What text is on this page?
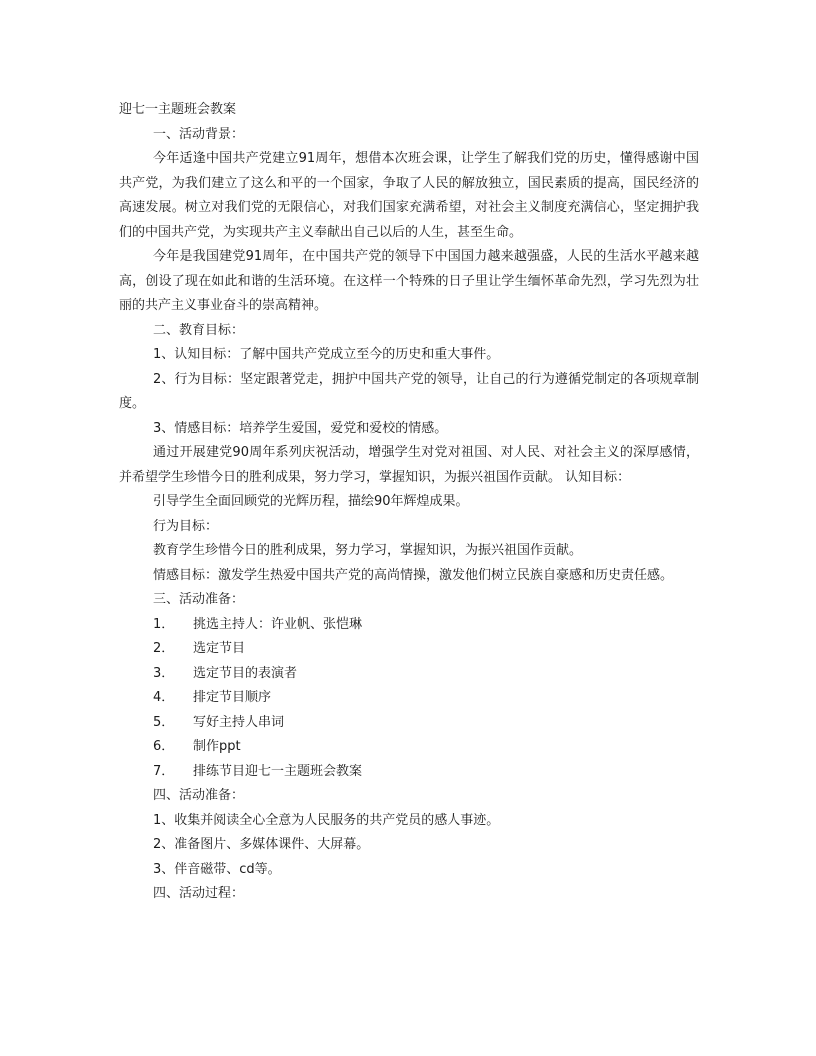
迎七一主题班会教案
一、活动背景：
今年适逢中国共产党建立91周年，想借本次班会课，让学生了解我们党的历史，懂得感谢中国共产党，为我们建立了这么和平的一个国家，争取了人民的解放独立，国民素质的提高，国民经济的高速发展。树立对我们党的无限信心，对我们国家充满希望，对社会主义制度充满信心，坚定拥护我们的中国共产党，为实现共产主义奉献出自己以后的人生，甚至生命。
今年是我国建党91周年，在中国共产党的领导下中国国力越来越强盛，人民的生活水平越来越高，创设了现在如此和谐的生活环境。在这样一个特殊的日子里让学生缅怀革命先烈，学习先烈为壮丽的共产主义事业奋斗的崇高精神。
二、教育目标：
1、认知目标：了解中国共产党成立至今的历史和重大事件。
2、行为目标：坚定跟著党走，拥护中国共产党的领导，让自己的行为遵循党制定的各项规章制度。
3、情感目标：培养学生爱国，爱党和爱校的情感。
通过开展建党90周年系列庆祝活动，增强学生对党对祖国、对人民、对社会主义的深厚感情，并希望学生珍惜今日的胜利成果，努力学习，掌握知识，为振兴祖国作贡献。 认知目标：
引导学生全面回顾党的光辉历程，描绘90年辉煌成果。
行为目标：
教育学生珍惜今日的胜利成果，努力学习，掌握知识，为振兴祖国作贡献。
情感目标：激发学生热爱中国共产党的高尚情操，激发他们树立民族自豪感和历史责任感。
三、活动准备：
1． 挑选主持人：许业帆、张恺琳
2． 选定节目
3． 选定节目的表演者
4． 排定节目顺序
5． 写好主持人串词
6． 制作ppt
7． 排练节目迎七一主题班会教案
四、活动准备：
1、收集并阅读全心全意为人民服务的共产党员的感人事迹。
2、准备图片、多媒体课件、大屏幕。
3、伴音磁带、cd等。
四、活动过程：
